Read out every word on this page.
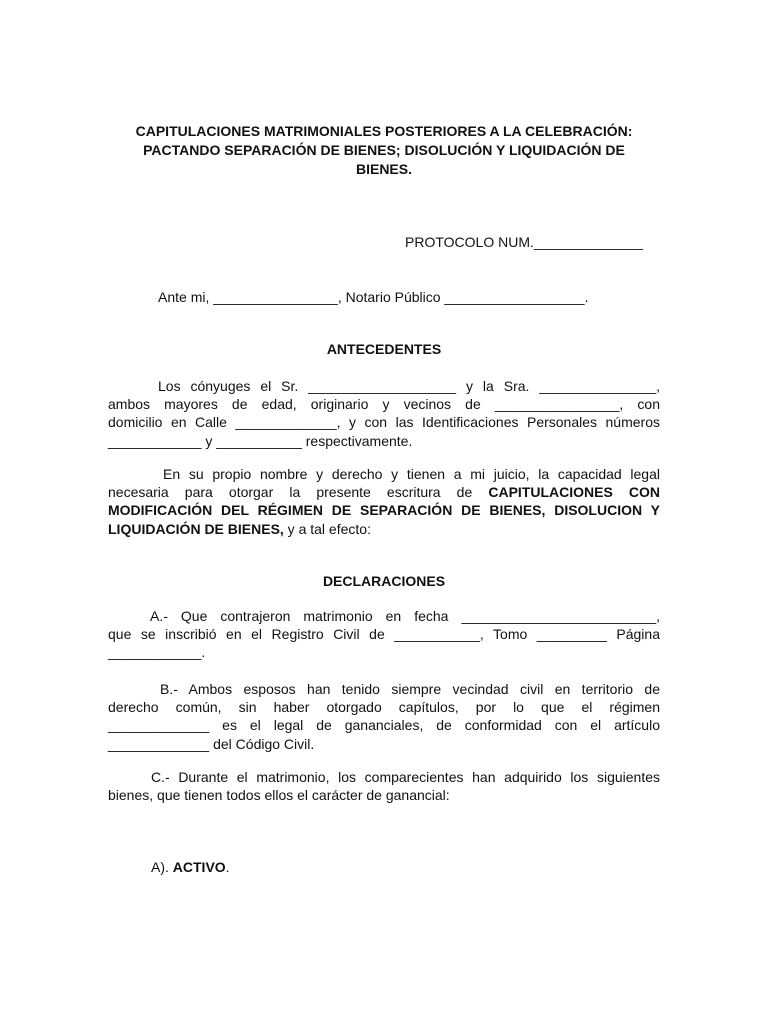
CAPITULACIONES MATRIMONIALES POSTERIORES A LA CELEBRACIÓN:
PACTANDO SEPARACIÓN DE BIENES; DISOLUCIÓN Y LIQUIDACIÓN DE
BIENES.
PROTOCOLO NUM.______________
Ante mi, ________________, Notario Público __________________.
ANTECEDENTES
Los cónyuges el Sr. ___________________ y la Sra. _______________,
ambos mayores de edad, originario y vecinos de ________________, con
domicilio en Calle _____________, y con las Identificaciones Personales números
____________ y ___________ respectivamente.
En su propio nombre y derecho y tienen a mi juicio, la capacidad legal
necesaria para otorgar la presente escritura de CAPITULACIONES CON
MODIFICACIÓN DEL RÉGIMEN DE SEPARACIÓN DE BIENES, DISOLUCION Y
LIQUIDACIÓN DE BIENES, y a tal efecto:
DECLARACIONES
A.- Que contrajeron matrimonio en fecha _________________________,
que se inscribió en el Registro Civil de ___________, Tomo _________ Página
____________.
B.- Ambos esposos han tenido siempre vecindad civil en territorio de
derecho común, sin haber otorgado capítulos, por lo que el régimen
_____________ es el legal de gananciales, de conformidad con el artículo
_____________ del Código Civil.
C.- Durante el matrimonio, los comparecientes han adquirido los siguientes
bienes, que tienen todos ellos el carácter de ganancial:
A). ACTIVO.
